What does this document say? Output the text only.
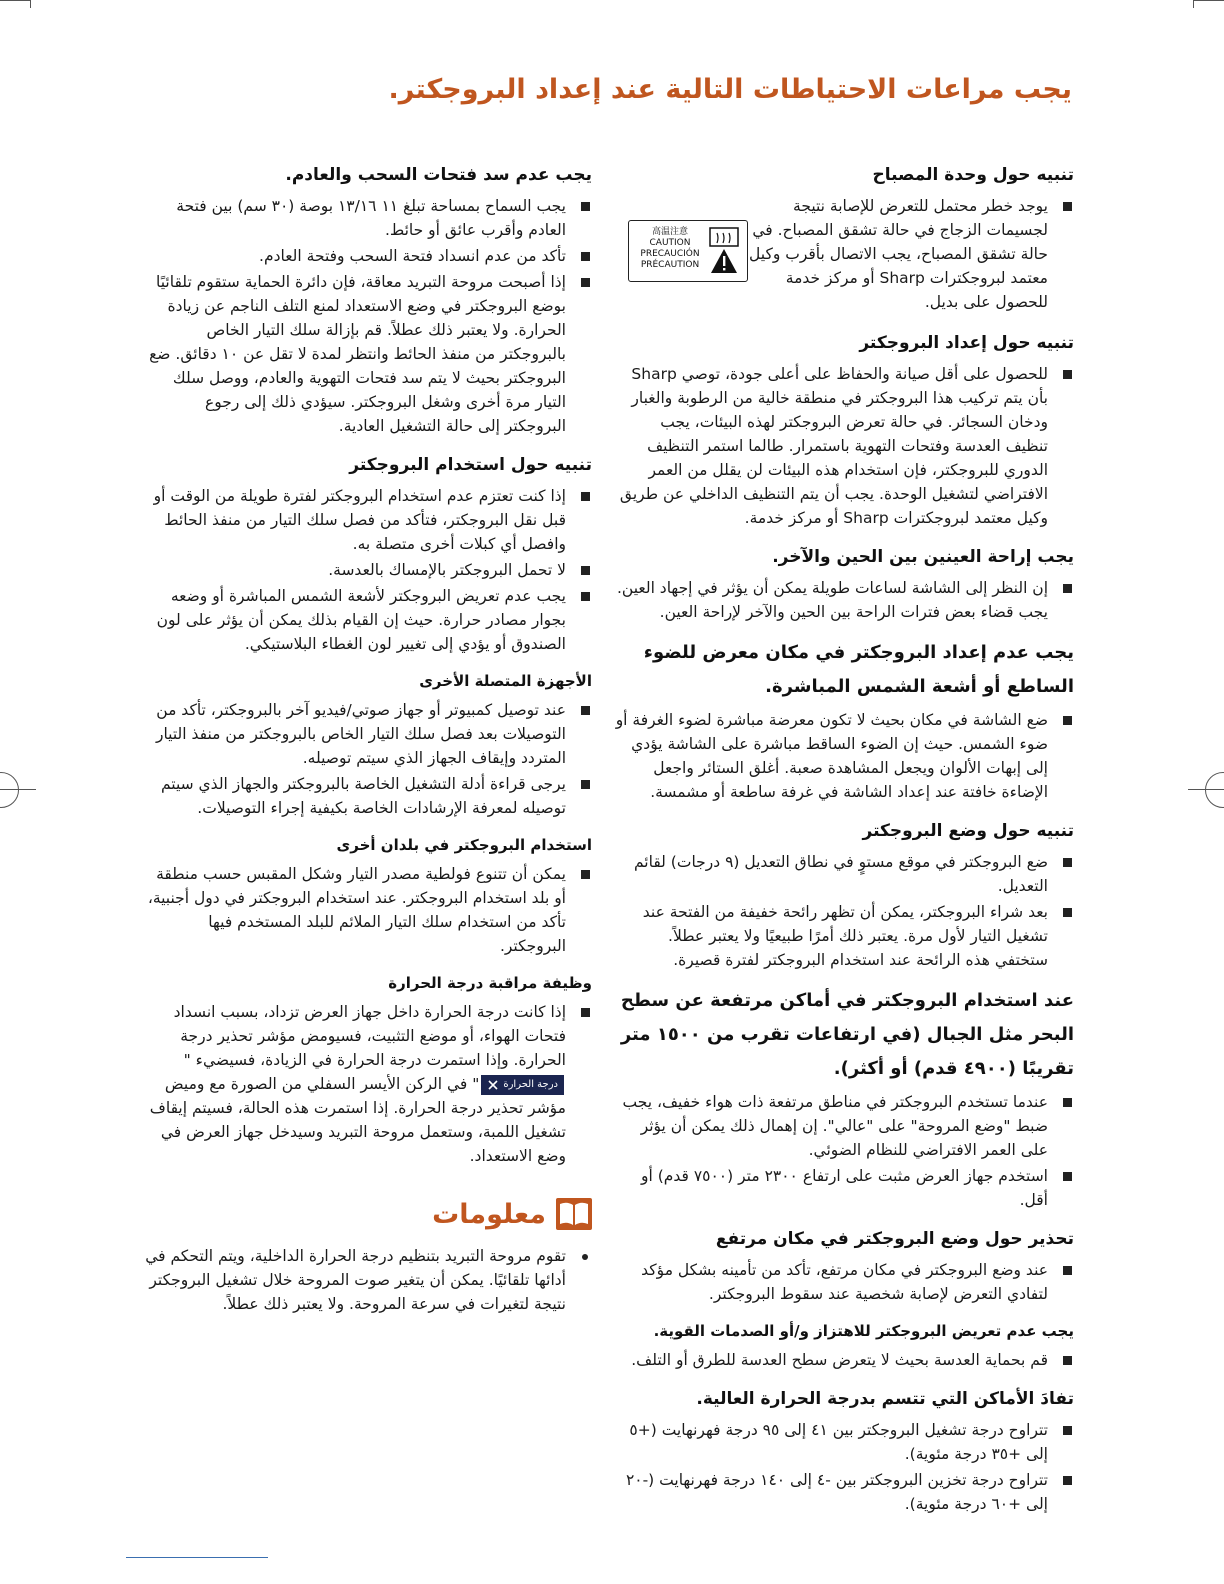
يجب مراعات الاحتياطات التالية عند إعداد البروجكتر.
تنبيه حول وحدة المصباح
高温注意
CAUTION
PRECAUCIÓN
PRÉCAUTION
يوجد خطر محتمل للتعرض للإصابة نتيجة لجسيمات الزجاج في حالة تشقق المصباح. في حالة تشقق المصباح، يجب الاتصال بأقرب وكيل معتمد لبروجكترات Sharp أو مركز خدمة للحصول على بديل.
تنبيه حول إعداد البروجكتر
للحصول على أقل صيانة والحفاظ على أعلى جودة، توصي Sharp بأن يتم تركيب هذا البروجكتر في منطقة خالية من الرطوبة والغبار ودخان السجائر. في حالة تعرض البروجكتر لهذه البيئات، يجب تنظيف العدسة وفتحات التهوية باستمرار. طالما استمر التنظيف الدوري للبروجكتر، فإن استخدام هذه البيئات لن يقلل من العمر الافتراضي لتشغيل الوحدة. يجب أن يتم التنظيف الداخلي عن طريق وكيل معتمد لبروجكترات Sharp أو مركز خدمة.
يجب إراحة العينين بين الحين والآخر.
إن النظر إلى الشاشة لساعات طويلة يمكن أن يؤثر في إجهاد العين. يجب قضاء بعض فترات الراحة بين الحين والآخر لإراحة العين.
يجب عدم إعداد البروجكتر في مكان معرض للضوء الساطع أو أشعة الشمس المباشرة.
ضع الشاشة في مكان بحيث لا تكون معرضة مباشرة لضوء الغرفة أو ضوء الشمس. حيث إن الضوء الساقط مباشرة على الشاشة يؤدي إلى إبهات الألوان ويجعل المشاهدة صعبة. أغلق الستائر واجعل الإضاءة خافتة عند إعداد الشاشة في غرفة ساطعة أو مشمسة.
تنبيه حول وضع البروجكتر
ضع البروجكتر في موقع مستوٍ في نطاق التعديل (٩ درجات) لقائم التعديل.
بعد شراء البروجكتر، يمكن أن تظهر رائحة خفيفة من الفتحة عند تشغيل التيار لأول مرة. يعتبر ذلك أمرًا طبيعيًا ولا يعتبر عطلاً. ستختفي هذه الرائحة عند استخدام البروجكتر لفترة قصيرة.
عند استخدام البروجكتر في أماكن مرتفعة عن سطح البحر مثل الجبال (في ارتفاعات تقرب من ١٥٠٠ متر تقريبًا (٤٩٠٠ قدم) أو أكثر).
عندما تستخدم البروجكتر في مناطق مرتفعة ذات هواء خفيف، يجب ضبط "وضع المروحة" على "عالي". إن إهمال ذلك يمكن أن يؤثر على العمر الافتراضي للنظام الضوئي.
استخدم جهاز العرض مثبت على ارتفاع ٢٣٠٠ متر (٧٥٠٠ قدم) أو أقل.
تحذير حول وضع البروجكتر في مكان مرتفع
عند وضع البروجكتر في مكان مرتفع، تأكد من تأمينه بشكل مؤكد لتفادي التعرض لإصابة شخصية عند سقوط البروجكتر.
يجب عدم تعريض البروجكتر للاهتزاز و/أو الصدمات القوية.
قم بحماية العدسة بحيث لا يتعرض سطح العدسة للطرق أو التلف.
تفادَ الأماكن التي تتسم بدرجة الحرارة العالية.
تتراوح درجة تشغيل البروجكتر بين ٤١ إلى ٩٥ درجة فهرنهايت (+٥ إلى +٣٥ درجة مئوية).
تتراوح درجة تخزين البروجكتر بين -٤ إلى ١٤٠ درجة فهرنهايت (-٢٠ إلى +٦٠ درجة مئوية).
يجب عدم سد فتحات السحب والعادم.
يجب السماح بمساحة تبلغ ١١ ١٣/١٦ بوصة (٣٠ سم) بين فتحة العادم وأقرب عائق أو حائط.
تأكد من عدم انسداد فتحة السحب وفتحة العادم.
إذا أصبحت مروحة التبريد معاقة، فإن دائرة الحماية ستقوم تلقائيًا بوضع البروجكتر في وضع الاستعداد لمنع التلف الناجم عن زيادة الحرارة. ولا يعتبر ذلك عطلاً. قم بإزالة سلك التيار الخاص بالبروجكتر من منفذ الحائط وانتظر لمدة لا تقل عن ١٠ دقائق. ضع البروجكتر بحيث لا يتم سد فتحات التهوية والعادم، ووصل سلك التيار مرة أخرى وشغل البروجكتر. سيؤدي ذلك إلى رجوع البروجكتر إلى حالة التشغيل العادية.
تنبيه حول استخدام البروجكتر
إذا كنت تعتزم عدم استخدام البروجكتر لفترة طويلة من الوقت أو قبل نقل البروجكتر، فتأكد من فصل سلك التيار من منفذ الحائط وافصل أي كبلات أخرى متصلة به.
لا تحمل البروجكتر بالإمساك بالعدسة.
يجب عدم تعريض البروجكتر لأشعة الشمس المباشرة أو وضعه بجوار مصادر حرارة. حيث إن القيام بذلك يمكن أن يؤثر على لون الصندوق أو يؤدي إلى تغيير لون الغطاء البلاستيكي.
الأجهزة المتصلة الأخرى
عند توصيل كمبيوتر أو جهاز صوتي/فيديو آخر بالبروجكتر، تأكد من التوصيلات بعد فصل سلك التيار الخاص بالبروجكتر من منفذ التيار المتردد وإيقاف الجهاز الذي سيتم توصيله.
يرجى قراءة أدلة التشغيل الخاصة بالبروجكتر والجهاز الذي سيتم توصيله لمعرفة الإرشادات الخاصة بكيفية إجراء التوصيلات.
استخدام البروجكتر في بلدان أخرى
يمكن أن تتنوع فولطية مصدر التيار وشكل المقبس حسب منطقة أو بلد استخدام البروجكتر. عند استخدام البروجكتر في دول أجنبية، تأكد من استخدام سلك التيار الملائم للبلد المستخدم فيها البروجكتر.
وظيفة مراقبة درجة الحرارة
إذا كانت درجة الحرارة داخل جهاز العرض تزداد، بسبب انسداد فتحات الهواء، أو موضع التثبيت، فسيومض مؤشر تحذير درجة الحرارة. وإذا استمرت درجة الحرارة في الزيادة، فسيضيء "
درجة الحرارة
" في الركن الأيسر السفلي من الصورة مع وميض مؤشر تحذير درجة الحرارة. إذا استمرت هذه الحالة، فسيتم إيقاف تشغيل اللمبة، وستعمل مروحة التبريد وسيدخل جهاز العرض في وضع الاستعداد.
معلومات
تقوم مروحة التبريد بتنظيم درجة الحرارة الداخلية، ويتم التحكم في أدائها تلقائيًا. يمكن أن يتغير صوت المروحة خلال تشغيل البروجكتر نتيجة لتغيرات في سرعة المروحة. ولا يعتبر ذلك عطلاً.
